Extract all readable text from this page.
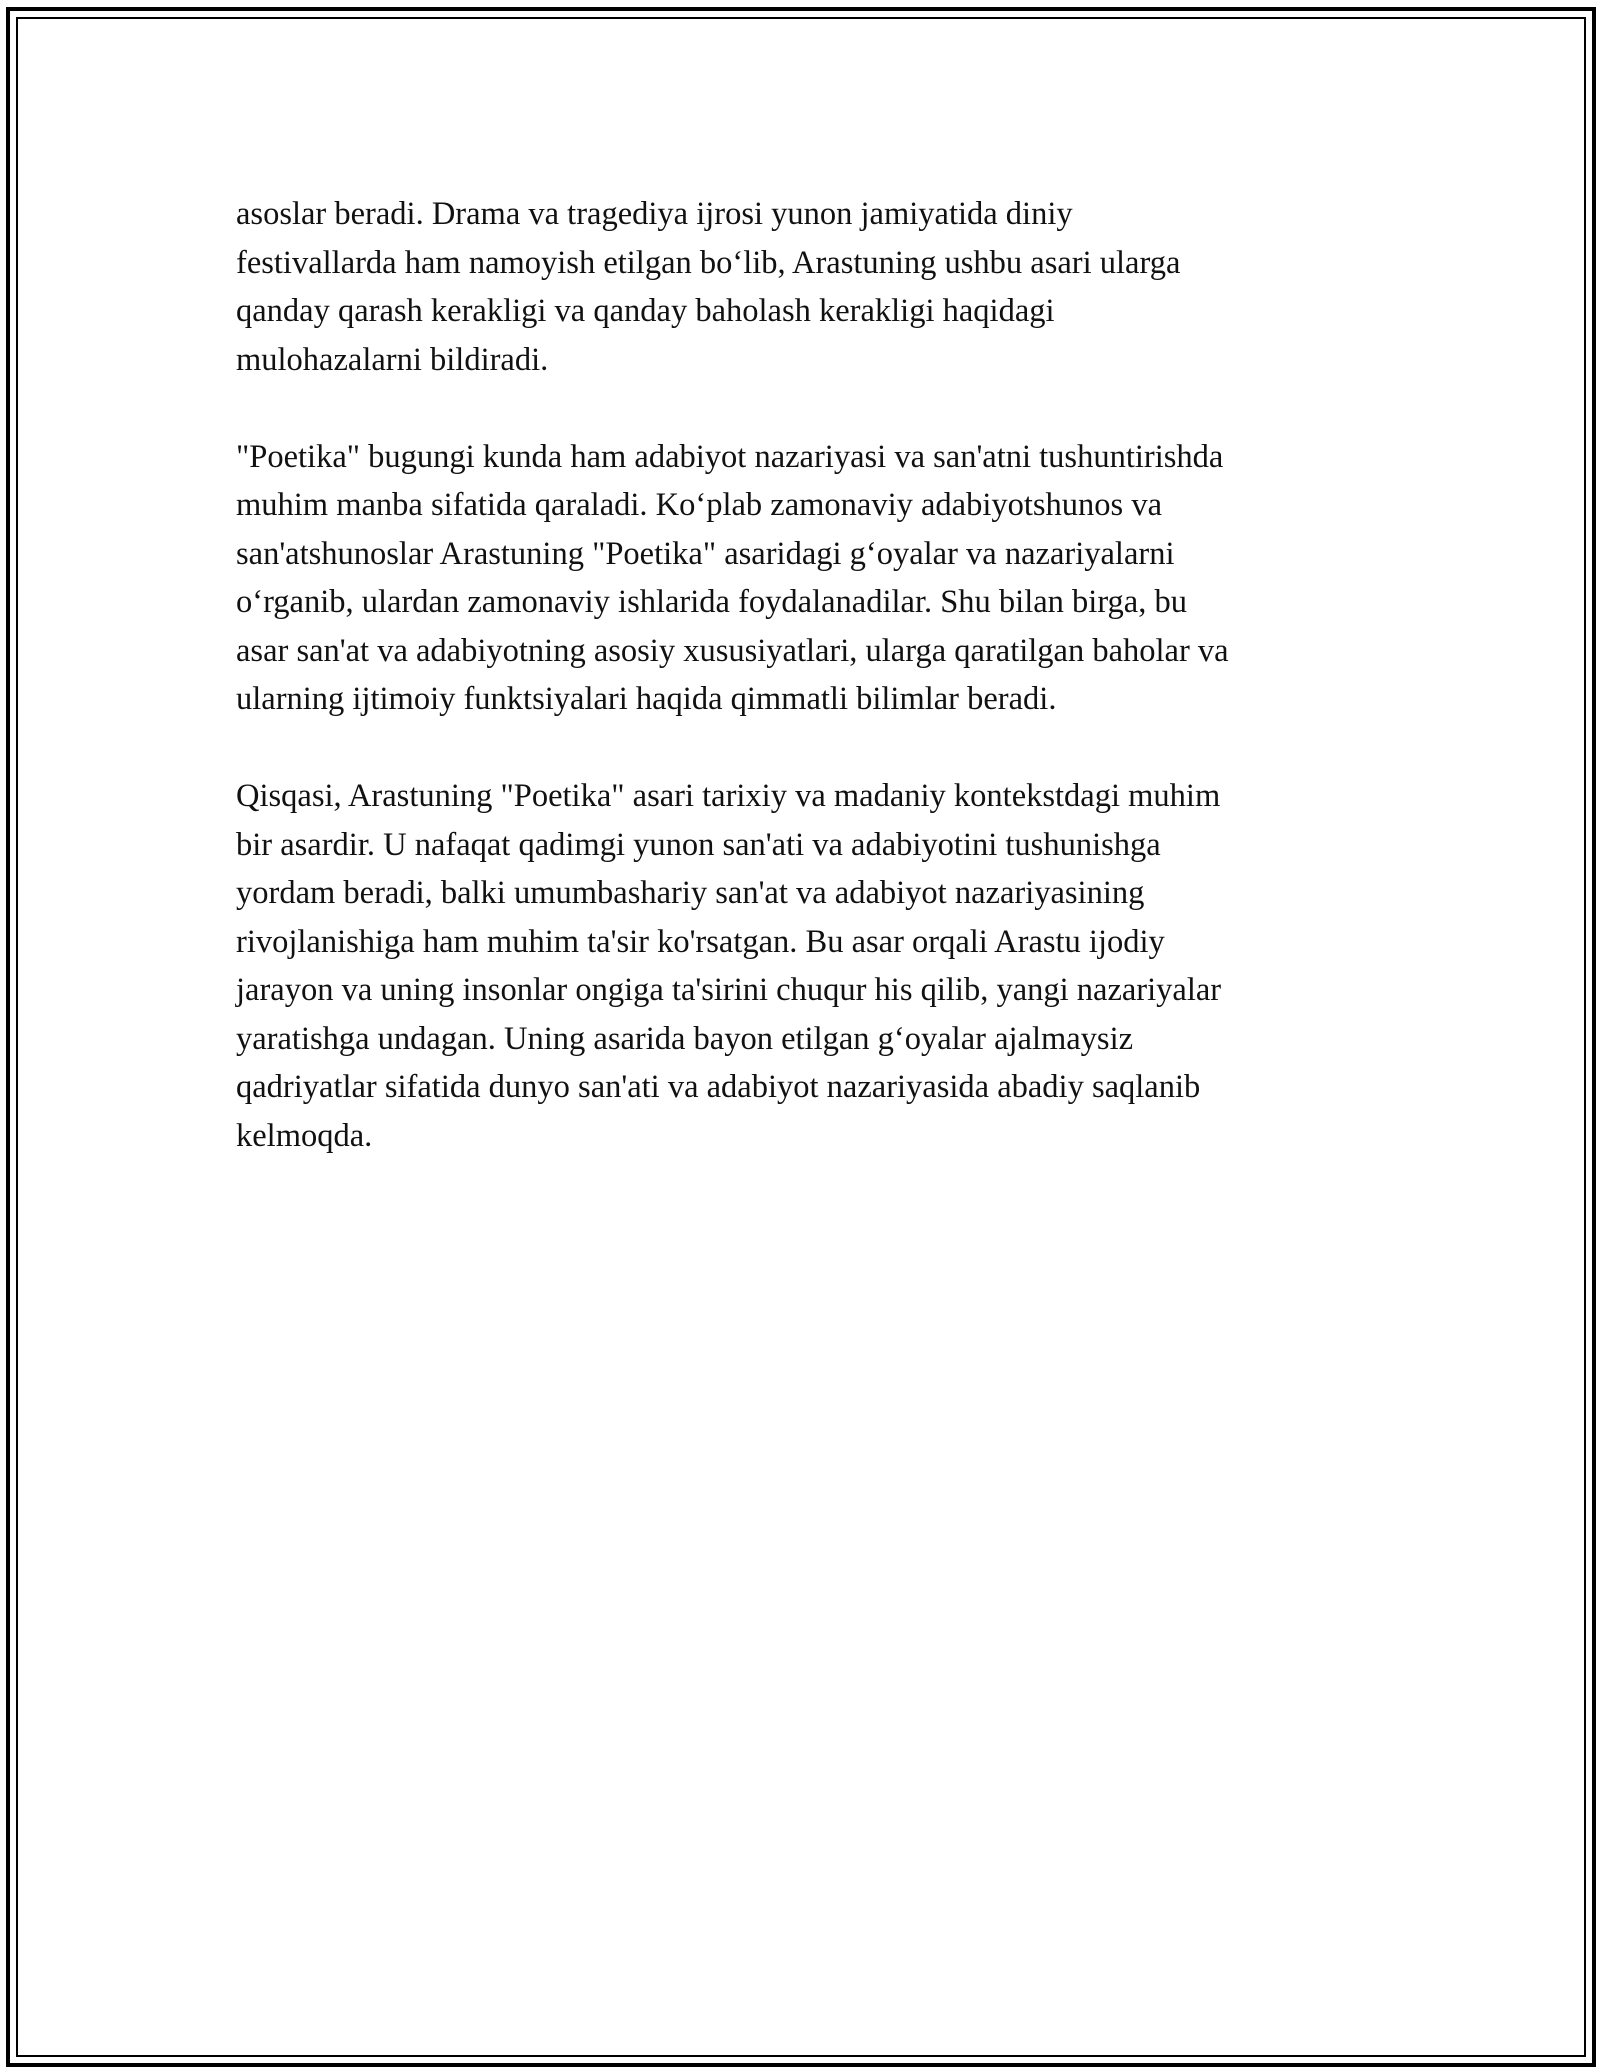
asoslar beradi. Drama va tragediya ijrosi yunon jamiyatida diniy
festivallarda ham namoyish etilgan bo‘lib, Arastuning ushbu asari ularga
qanday qarash kerakligi va qanday baholash kerakligi haqidagi
mulohazalarni bildiradi.

"Poetika" bugungi kunda ham adabiyot nazariyasi va san'atni tushuntirishda
muhim manba sifatida qaraladi. Ko‘plab zamonaviy adabiyotshunos va
san'atshunoslar Arastuning "Poetika" asaridagi g‘oyalar va nazariyalarni
o‘rganib, ulardan zamonaviy ishlarida foydalanadilar. Shu bilan birga, bu
asar san'at va adabiyotning asosiy xususiyatlari, ularga qaratilgan baholar va
ularning ijtimoiy funktsiyalari haqida qimmatli bilimlar beradi.

Qisqasi, Arastuning "Poetika" asari tarixiy va madaniy kontekstdagi muhim
bir asardir. U nafaqat qadimgi yunon san'ati va adabiyotini tushunishga
yordam beradi, balki umumbashariy san'at va adabiyot nazariyasining
rivojlanishiga ham muhim ta'sir ko'rsatgan. Bu asar orqali Arastu ijodiy
jarayon va uning insonlar ongiga ta'sirini chuqur his qilib, yangi nazariyalar
yaratishga undagan. Uning asarida bayon etilgan g‘oyalar ajalmaysiz
qadriyatlar sifatida dunyo san'ati va adabiyot nazariyasida abadiy saqlanib
kelmoqda.
